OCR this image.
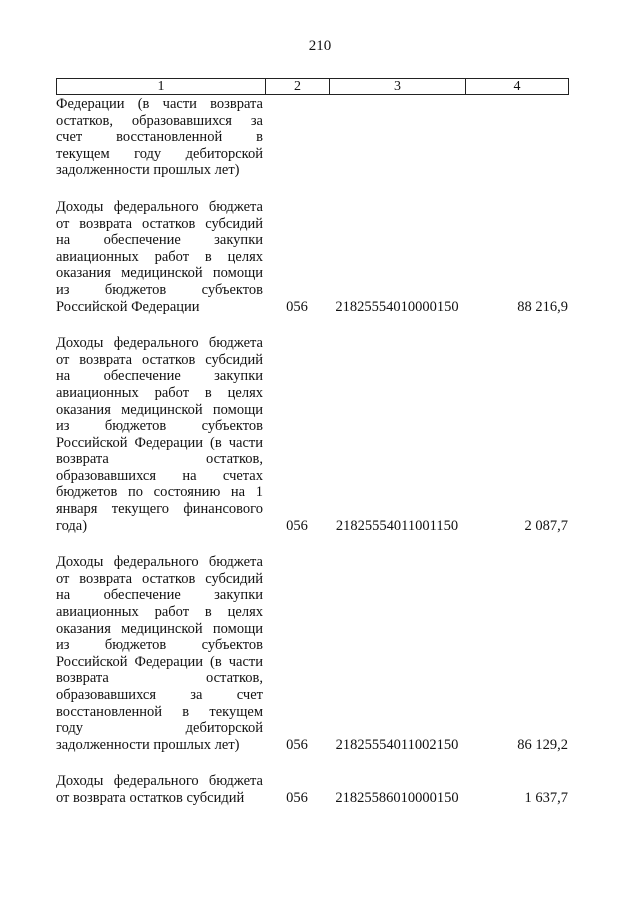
210
1	2	3	4
Федерации (в части возврата
остатков, образовавшихся за
счет восстановленной в
текущем году дебиторской
задолженности прошлых лет)
Доходы федерального бюджета
от возврата остатков субсидий
на обеспечение закупки
авиационных работ в целях
оказания медицинской помощи
из бюджетов субъектов
Российской Федерации	056	21825554010000150	88 216,9
Доходы федерального бюджета
от возврата остатков субсидий
на обеспечение закупки
авиационных работ в целях
оказания медицинской помощи
из бюджетов субъектов
Российской Федерации (в части
возврата остатков,
образовавшихся на счетах
бюджетов по состоянию на 1
января текущего финансового
года)	056	21825554011001150	2 087,7
Доходы федерального бюджета
от возврата остатков субсидий
на обеспечение закупки
авиационных работ в целях
оказания медицинской помощи
из бюджетов субъектов
Российской Федерации (в части
возврата остатков,
образовавшихся за счет
восстановленной в текущем
году дебиторской
задолженности прошлых лет)	056	21825554011002150	86 129,2
Доходы федерального бюджета
от возврата остатков субсидий	056	21825586010000150	1 637,7
